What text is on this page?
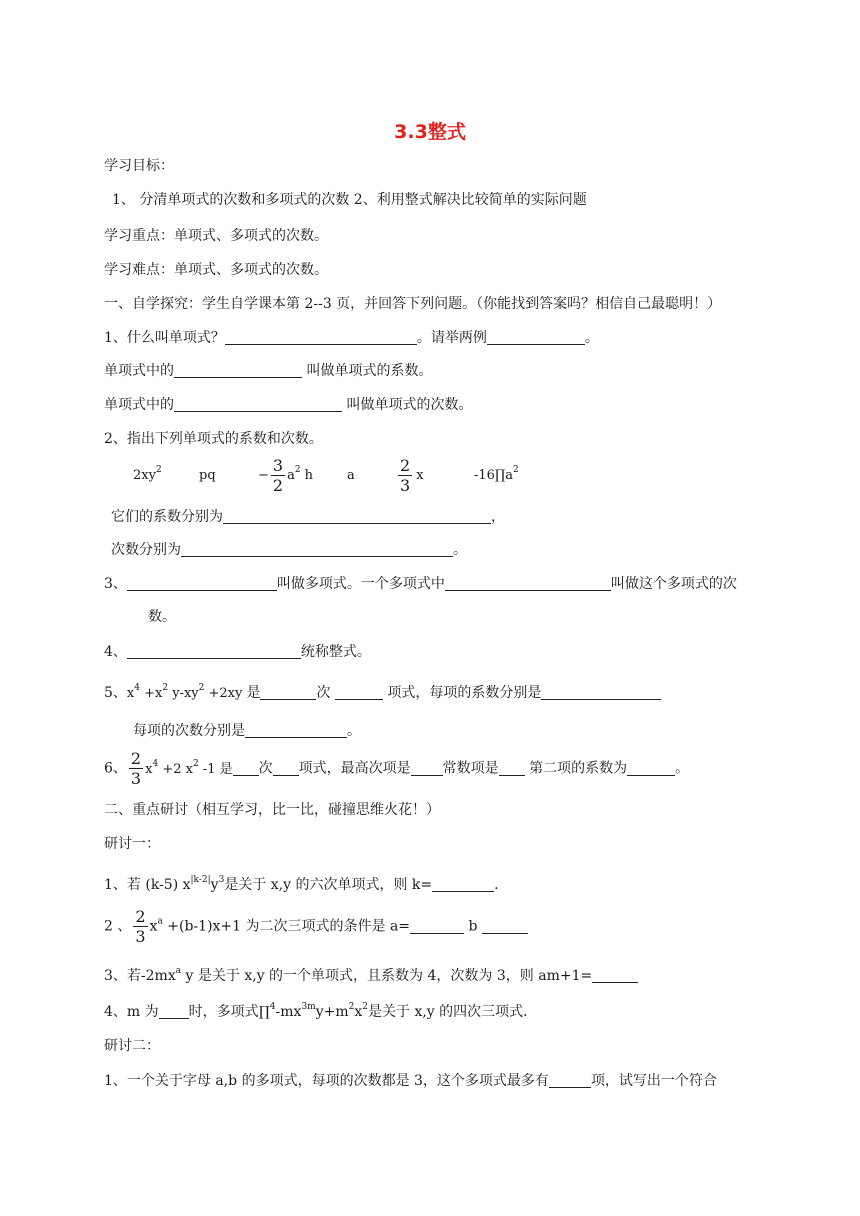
3.3整式
学习目标：
1、 分清单项式的次数和多项式的次数 2、利用整式解决比较简单的实际问题
学习重点：单项式、多项式的次数。
学习难点：单项式、多项式的次数。
一、自学探究：学生自学课本第 2--3 页，并回答下列问题。（你能找到答案吗？相信自己最聪明！）
1、什么叫单项式？	。请举两例	。
单项式中的	叫做单项式的系数。
单项式中的	叫做单项式的次数。
2、指出下列单项式的系数和次数。
$2xy^2$	pq	− $\frac{3}{2} a^2$ h	a	$\frac{2}{3}$ x	$-16\prod a^2$
它们的系数分别为	，
次数分别为	。
3、	叫做多项式。一个多项式中	叫做这个多项式的次
数。
4、	统称整式。
5、$x^4 +x^2$ $y-xy^2 +2xy$ 是	次	项式，每项的系数分别是
每项的次数分别是	。
6、 $\frac{2}{3} x^4 +2$ $x^2$ -1 是 次 项式，最高次项是 常数项是 第二项的系数为	。
二、重点研讨（相互学习，比一比，碰撞思维火花！）
研讨一：
1、若 (k-5) $x^{|k-2|}y^3$是关于 x,y 的六次单项式，则 k=	.
2 、 $\frac{2}{3} x^a +(b-1)x+1$ 为二次三项式的条件是 a=	b
3、若$-2mx^a$ y 是关于 x,y 的一个单项式，且系数为 4，次数为 3，则 am+1=
4、m 为 时，多项式$\prod^4-mx^{3m}y+m^2x^2$是关于 x,y 的四次三项式.
研讨二：
1、一个关于字母 a,b 的多项式，每项的次数都是 3，这个多项式最多有	项，试写出一个符合
